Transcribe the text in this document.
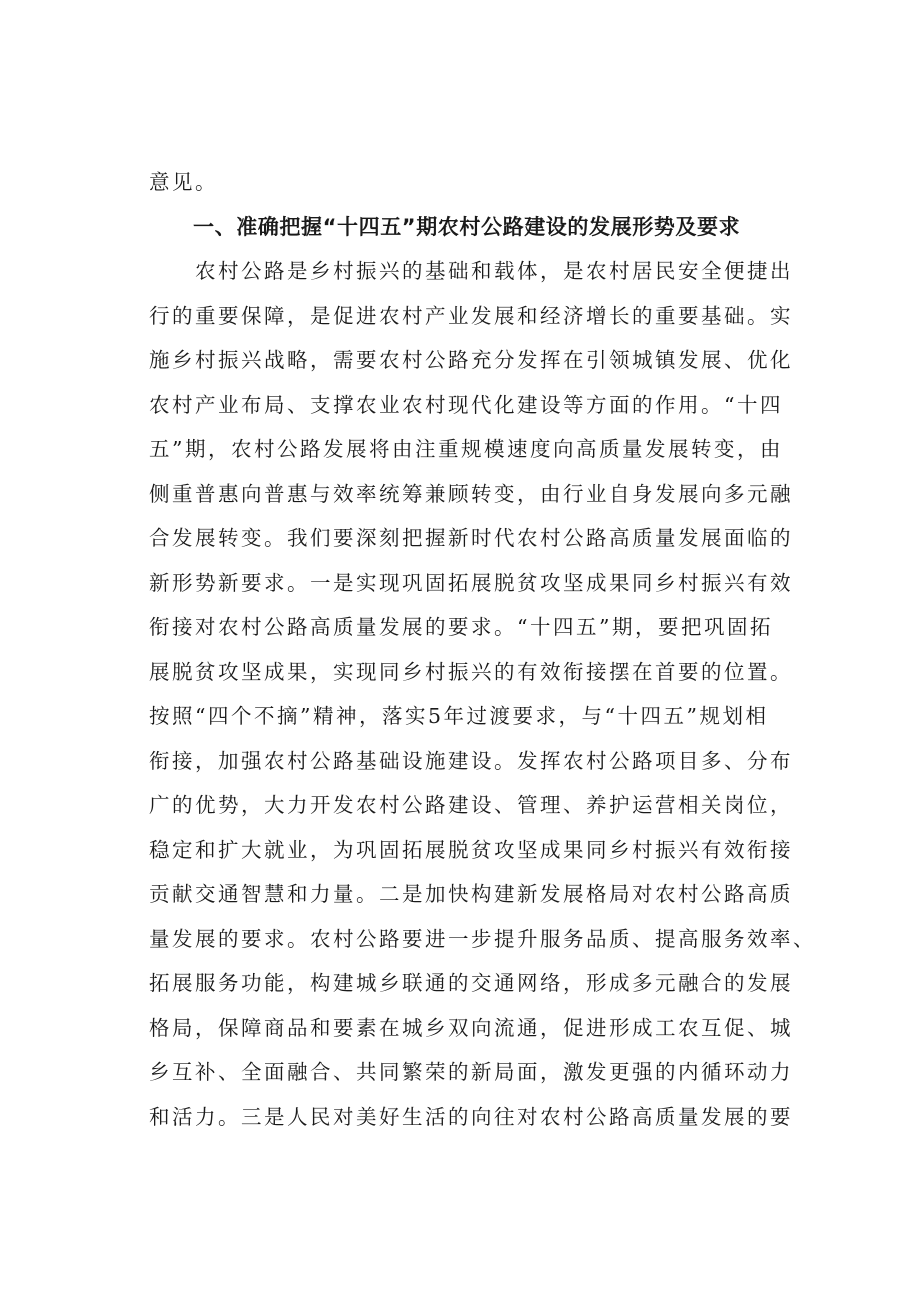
意见。
一、准确把握“十四五”期农村公路建设的发展形势及要求
农村公路是乡村振兴的基础和载体，是农村居民安全便捷出
行的重要保障，是促进农村产业发展和经济增长的重要基础。实
施乡村振兴战略，需要农村公路充分发挥在引领城镇发展、优化
农村产业布局、支撑农业农村现代化建设等方面的作用。“十四
五”期，农村公路发展将由注重规模速度向高质量发展转变，由
侧重普惠向普惠与效率统筹兼顾转变，由行业自身发展向多元融
合发展转变。我们要深刻把握新时代农村公路高质量发展面临的
新形势新要求。一是实现巩固拓展脱贫攻坚成果同乡村振兴有效
衔接对农村公路高质量发展的要求。“十四五”期，要把巩固拓
展脱贫攻坚成果，实现同乡村振兴的有效衔接摆在首要的位置。
按照“四个不摘”精神，落实5年过渡要求，与“十四五”规划相
衔接，加强农村公路基础设施建设。发挥农村公路项目多、分布
广的优势，大力开发农村公路建设、管理、养护运营相关岗位，
稳定和扩大就业，为巩固拓展脱贫攻坚成果同乡村振兴有效衔接
贡献交通智慧和力量。二是加快构建新发展格局对农村公路高质
量发展的要求。农村公路要进一步提升服务品质、提高服务效率、
拓展服务功能，构建城乡联通的交通网络，形成多元融合的发展
格局，保障商品和要素在城乡双向流通，促进形成工农互促、城
乡互补、全面融合、共同繁荣的新局面，激发更强的内循环动力
和活力。三是人民对美好生活的向往对农村公路高质量发展的要
